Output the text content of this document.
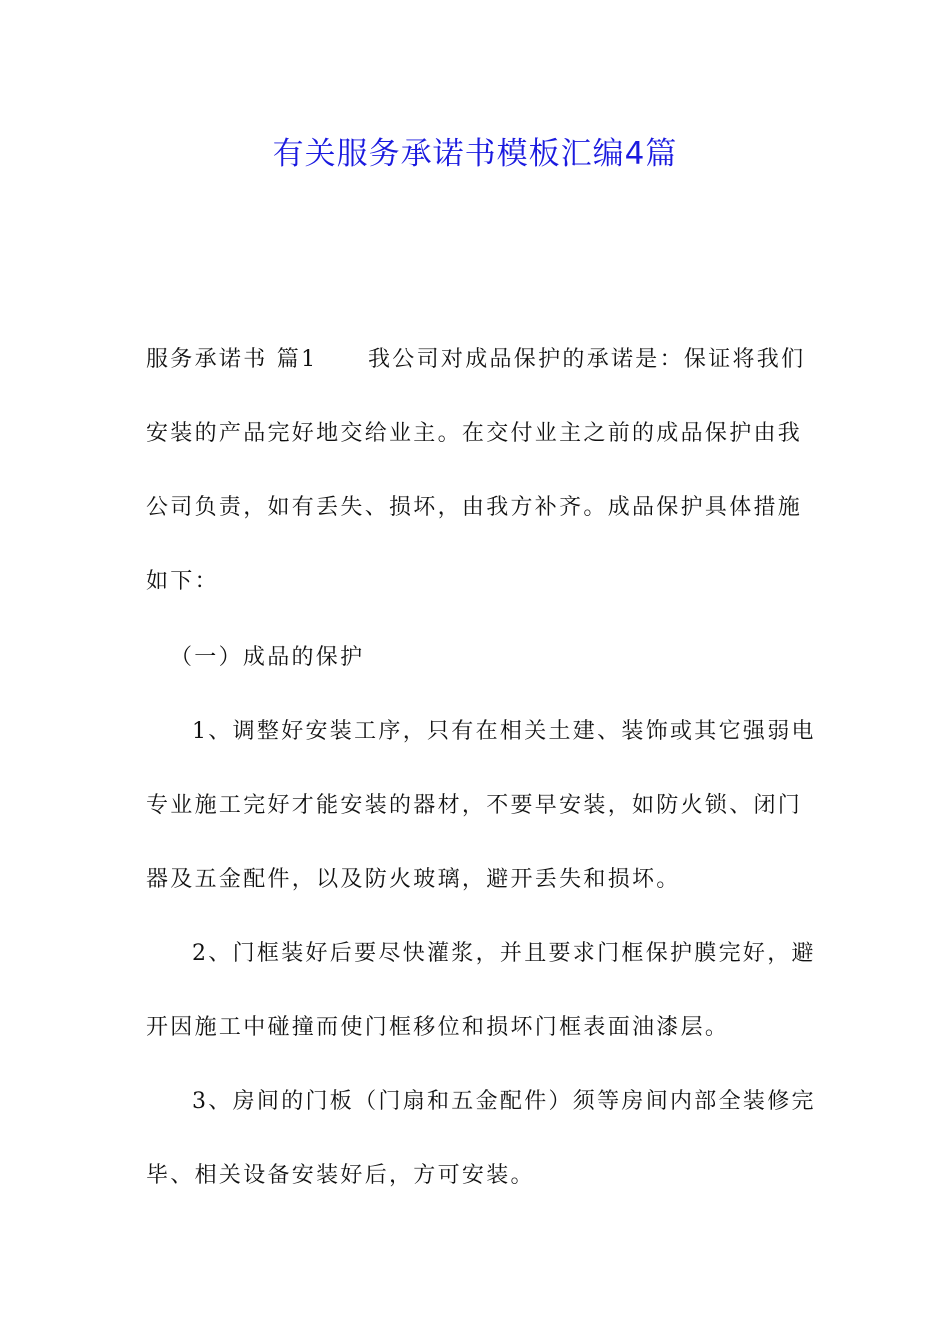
有关服务承诺书模板汇编4篇
服务承诺书 篇1 我公司对成品保护的承诺是：保证将我们
安装的产品完好地交给业主。在交付业主之前的成品保护由我
公司负责，如有丢失、损坏，由我方补齐。成品保护具体措施
如下：
（一）成品的保护
1、调整好安装工序，只有在相关土建、装饰或其它强弱电
专业施工完好才能安装的器材，不要早安装，如防火锁、闭门
器及五金配件，以及防火玻璃，避开丢失和损坏。
2、门框装好后要尽快灌浆，并且要求门框保护膜完好，避
开因施工中碰撞而使门框移位和损坏门框表面油漆层。
3、房间的门板（门扇和五金配件）须等房间内部全装修完
毕、相关设备安装好后，方可安装。
